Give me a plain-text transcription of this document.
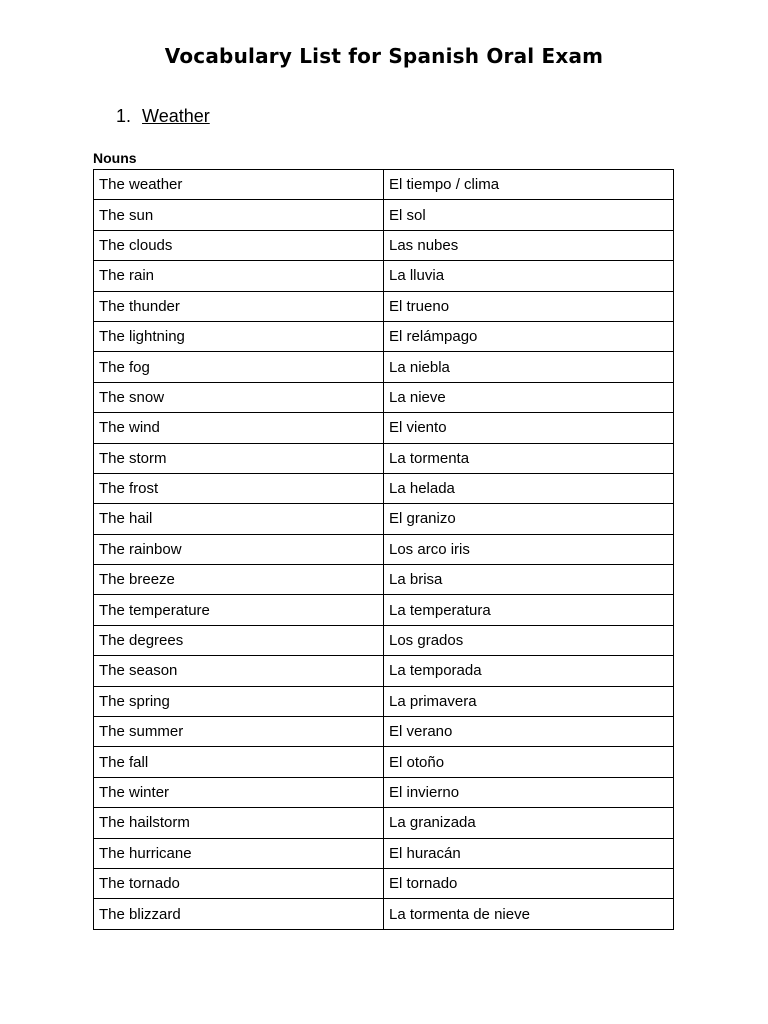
Vocabulary List for Spanish Oral Exam
1. Weather
Nouns
The weather	El tiempo / clima
The sun	El sol
The clouds	Las nubes
The rain	La lluvia
The thunder	El trueno
The lightning	El relámpago
The fog	La niebla
The snow	La nieve
The wind	El viento
The storm	La tormenta
The frost	La helada
The hail	El granizo
The rainbow	Los arco iris
The breeze	La brisa
The temperature	La temperatura
The degrees	Los grados
The season	La temporada
The spring	La primavera
The summer	El verano
The fall	El otoño
The winter	El invierno
The hailstorm	La granizada
The hurricane	El huracán
The tornado	El tornado
The blizzard	La tormenta de nieve
